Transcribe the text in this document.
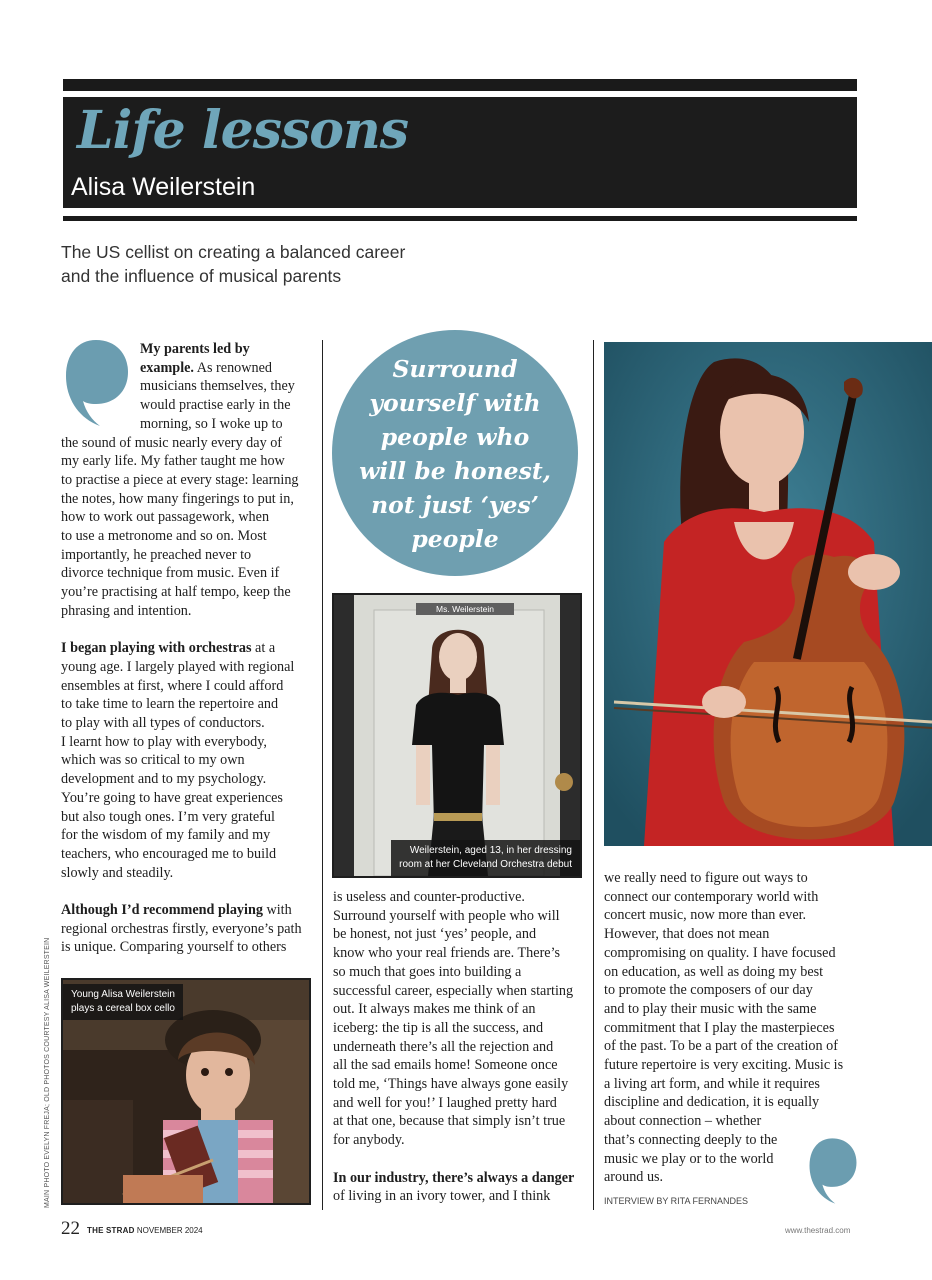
Life lessons
Alisa Weilerstein
The US cellist on creating a balanced career
and the influence of musical parents
My parents led by
example. As renowned
musicians themselves, they
would practise early in the
morning, so I woke up to
the sound of music nearly every day of
my early life. My father taught me how
to practise a piece at every stage: learning
the notes, how many fingerings to put in,
how to work out passagework, when
to use a metronome and so on. Most
importantly, he preached never to
divorce technique from music. Even if
you’re practising at half tempo, keep the
phrasing and intention.
I began playing with orchestras at a
young age. I largely played with regional
ensembles at first, where I could afford
to take time to learn the repertoire and
to play with all types of conductors.
I learnt how to play with everybody,
which was so critical to my own
development and to my psychology.
You’re going to have great experiences
but also tough ones. I’m very grateful
for the wisdom of my family and my
teachers, who encouraged me to build
slowly and steadily.
Although I’d recommend playing with
regional orchestras firstly, everyone’s path
is unique. Comparing yourself to others
Young Alisa Weilerstein
plays a cereal box cello
MAIN PHOTO EVELYN FREJA; OLD PHOTOS COURTESY ALISA WEILERSTEIN
Surround
yourself with
people who
will be honest,
not just ‘yes’
people
Ms. Weilerstein
Weilerstein, aged 13, in her dressing
room at her Cleveland Orchestra debut
is useless and counter-productive.
Surround yourself with people who will
be honest, not just ‘yes’ people, and
know who your real friends are. There’s
so much that goes into building a
successful career, especially when starting
out. It always makes me think of an
iceberg: the tip is all the success, and
underneath there’s all the rejection and
all the sad emails home! Someone once
told me, ‘Things have always gone easily
and well for you!’ I laughed pretty hard
at that one, because that simply isn’t true
for anybody.
In our industry, there’s always a danger
of living in an ivory tower, and I think
we really need to figure out ways to
connect our contemporary world with
concert music, now more than ever.
However, that does not mean
compromising on quality. I have focused
on education, as well as doing my best
to promote the composers of our day
and to play their music with the same
commitment that I play the masterpieces
of the past. To be a part of the creation of
future repertoire is very exciting. Music is
a living art form, and while it requires
discipline and dedication, it is equally
about connection – whether
that’s connecting deeply to the
music we play or to the world
around us.
INTERVIEW BY RITA FERNANDES
22 THE STRAD NOVEMBER 2024	www.thestrad.com
